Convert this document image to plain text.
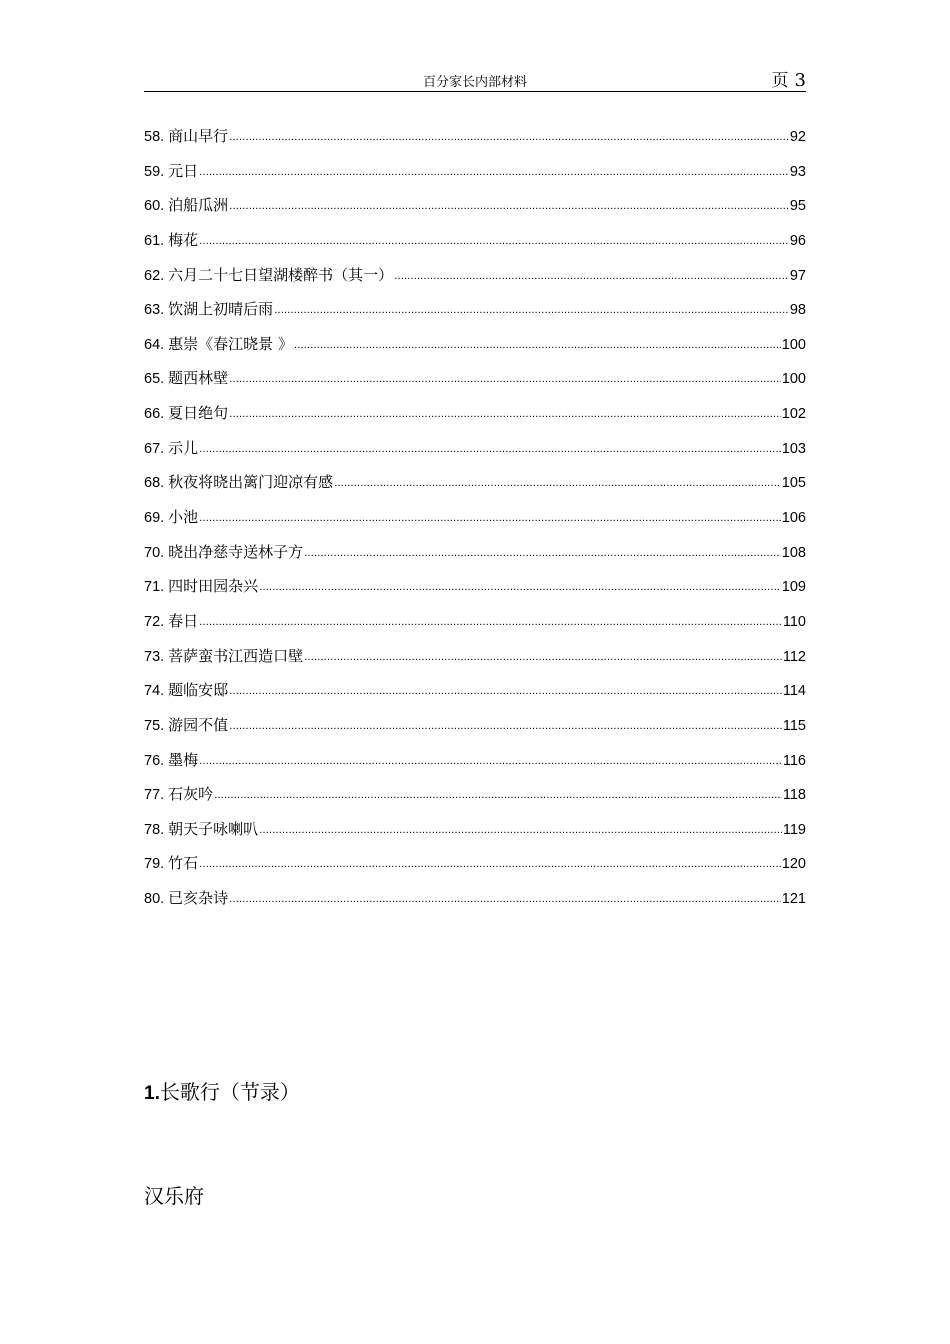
百分家长内部材料	页 3
58. 商山早行 .....	92
59. 元日 .....	93
60. 泊船瓜洲 .....	95
61. 梅花 .....	96
62. 六月二十七日望湖楼醉书（其一） .....	97
63. 饮湖上初晴后雨 .....	98
64. 惠崇《春江晓景 》 .....	100
65. 题西林壁 .....	100
66. 夏日绝句 .....	102
67. 示儿 .....	103
68. 秋夜将晓出篱门迎凉有感 .....	105
69. 小池 .....	106
70. 晓出净慈寺送林子方 .....	108
71. 四时田园杂兴 .....	109
72. 春日 .....	110
73. 菩萨蛮书江西造口壁 .....	112
74. 题临安邸 .....	114
75. 游园不值 .....	115
76. 墨梅 .....	116
77. 石灰吟 .....	118
78. 朝天子咏喇叭 .....	119
79. 竹石 .....	120
80. 已亥杂诗 .....	121
1.长歌行（节录）
汉乐府
